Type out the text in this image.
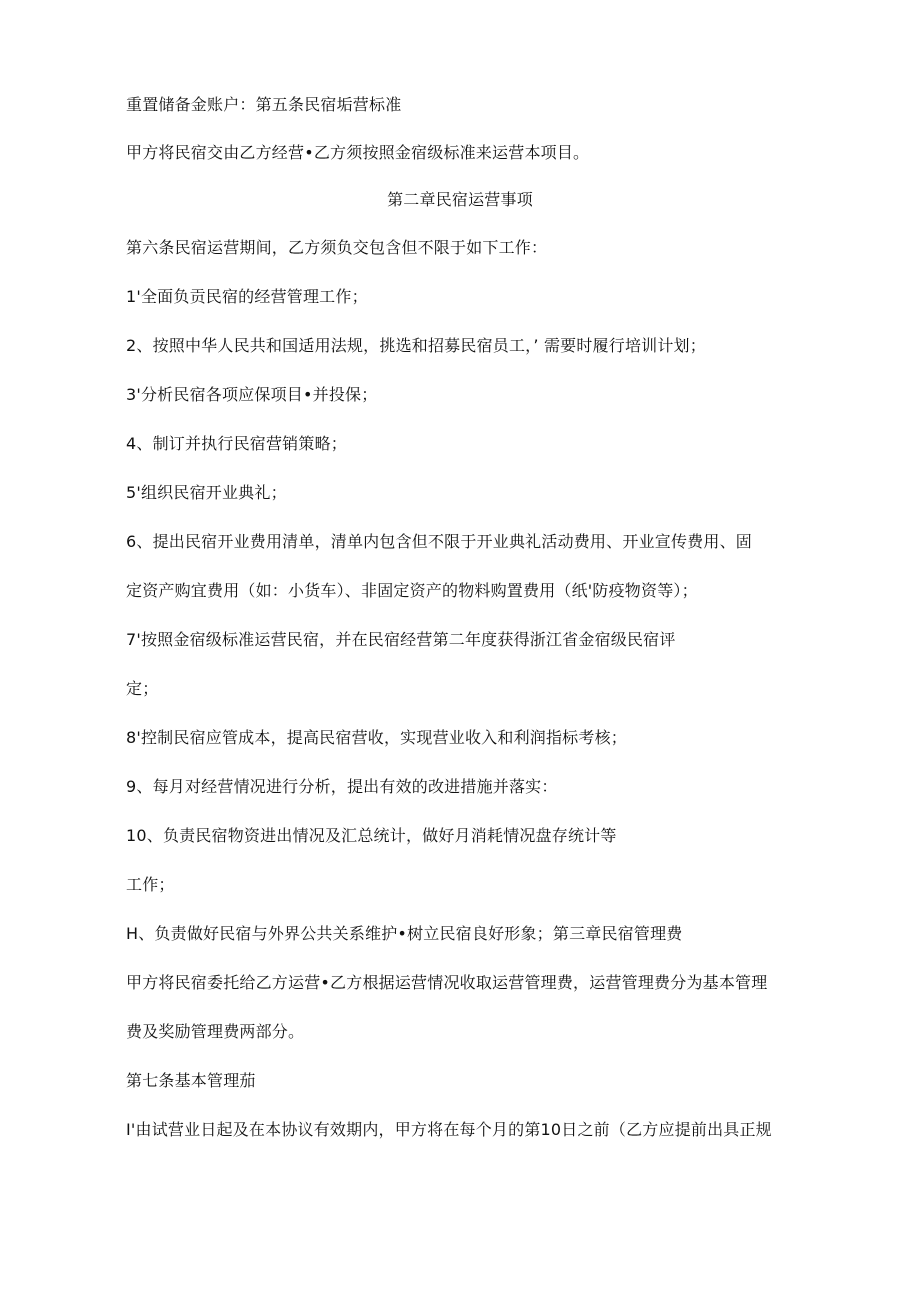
重置储备金账户：第五条民宿垢营标准
甲方将民宿交由乙方经营•乙方须按照金宿级标准来运营本项目。
第二章民宿运营事项
第六条民宿运营期间，乙方须负交包含但不限于如下工作：
1'全面负贡民宿的经营管理工作；
2、按照中华人民共和国适用法规，挑选和招募民宿员工，’ 需要时履行培训计划；
3'分析民宿各项应保项目•并投保；
4、制订并执行民宿营销策略；
5'组织民宿开业典礼；
6、提出民宿开业费用清单，清单内包含但不限于开业典礼活动费用、开业宣传费用、固
定资产购宜费用（如：小货车）、非固定资产的物料购置费用（纸'防疫物资等）；
7'按照金宿级标准运营民宿，并在民宿经营第二年度获得浙江省金宿级民宿评
定；
8'控制民宿应管成本，提高民宿营收，实现营业收入和利润指标考核；
9、每月对经营情况进行分析，提出有效的改进措施并落实：
10、负责民宿物资进出情况及汇总统计，做好月消耗情况盘存统计等
工作；
H、负责做好民宿与外界公共关系维护•树立民宿良好形象；第三章民宿管理费
甲方将民宿委托给乙方运营•乙方根据运营情况收取运营管理费，运营管理费分为基本管理
费及奖励管理费两部分。
第七条基本管理茄
I'由试营业日起及在本协议有效期内，甲方将在每个月的第10日之前（乙方应提前出具正规
